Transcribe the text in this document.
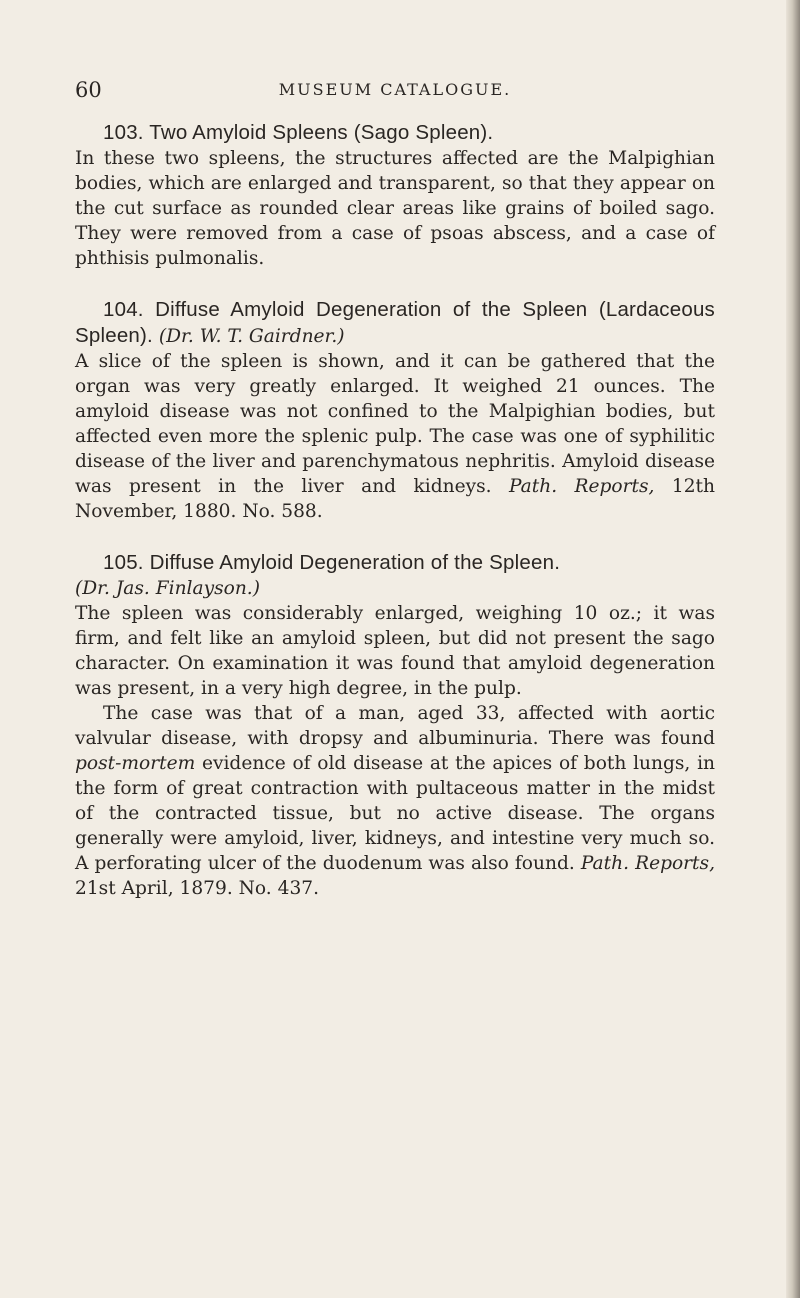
60	MUSEUM CATALOGUE.

103. Two Amyloid Spleens (Sago Spleen).
In these two spleens, the structures affected are the Malpighian bodies, which are enlarged and transparent, so that they appear on the cut surface as rounded clear areas like grains of boiled sago. They were removed from a case of psoas abscess, and a case of phthisis pulmonalis.

104. Diffuse Amyloid Degeneration of the Spleen (Lardaceous Spleen). (Dr. W. T. Gairdner.)
A slice of the spleen is shown, and it can be gathered that the organ was very greatly enlarged. It weighed 21 ounces. The amyloid disease was not confined to the Malpighian bodies, but affected even more the splenic pulp. The case was one of syphilitic disease of the liver and parenchymatous nephritis. Amyloid disease was present in the liver and kidneys. Path. Reports, 12th November, 1880. No. 588.

105. Diffuse Amyloid Degeneration of the Spleen.
(Dr. Jas. Finlayson.)
The spleen was considerably enlarged, weighing 10 oz.; it was firm, and felt like an amyloid spleen, but did not present the sago character. On examination it was found that amyloid degeneration was present, in a very high degree, in the pulp.

The case was that of a man, aged 33, affected with aortic valvular disease, with dropsy and albuminuria. There was found post-mortem evidence of old disease at the apices of both lungs, in the form of great contraction with pultaceous matter in the midst of the contracted tissue, but no active disease. The organs generally were amyloid, liver, kidneys, and intestine very much so. A perforating ulcer of the duodenum was also found. Path. Reports, 21st April, 1879. No. 437.
